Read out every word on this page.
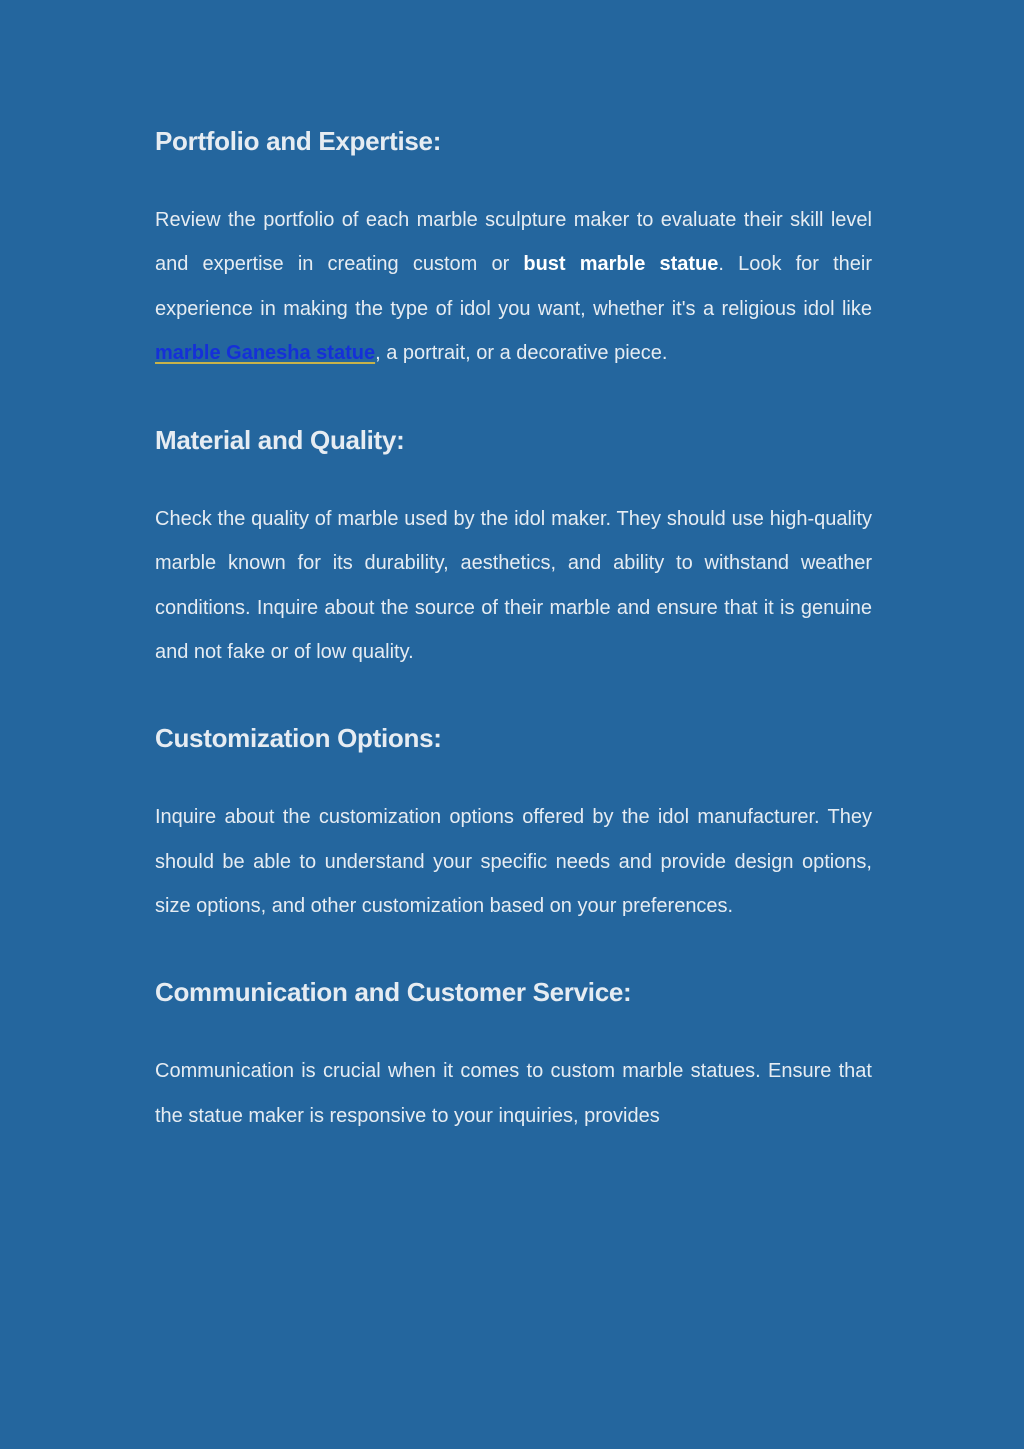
Portfolio and Expertise:

Review the portfolio of each marble sculpture maker to evaluate their skill level and expertise in creating custom or bust marble statue. Look for their experience in making the type of idol you want, whether it's a religious idol like marble Ganesha statue, a portrait, or a decorative piece.

Material and Quality:

Check the quality of marble used by the idol maker. They should use high-quality marble known for its durability, aesthetics, and ability to withstand weather conditions. Inquire about the source of their marble and ensure that it is genuine and not fake or of low quality.

Customization Options:

Inquire about the customization options offered by the idol manufacturer. They should be able to understand your specific needs and provide design options, size options, and other customization based on your preferences.

Communication and Customer Service:

Communication is crucial when it comes to custom marble statues. Ensure that the statue maker is responsive to your inquiries, provides
